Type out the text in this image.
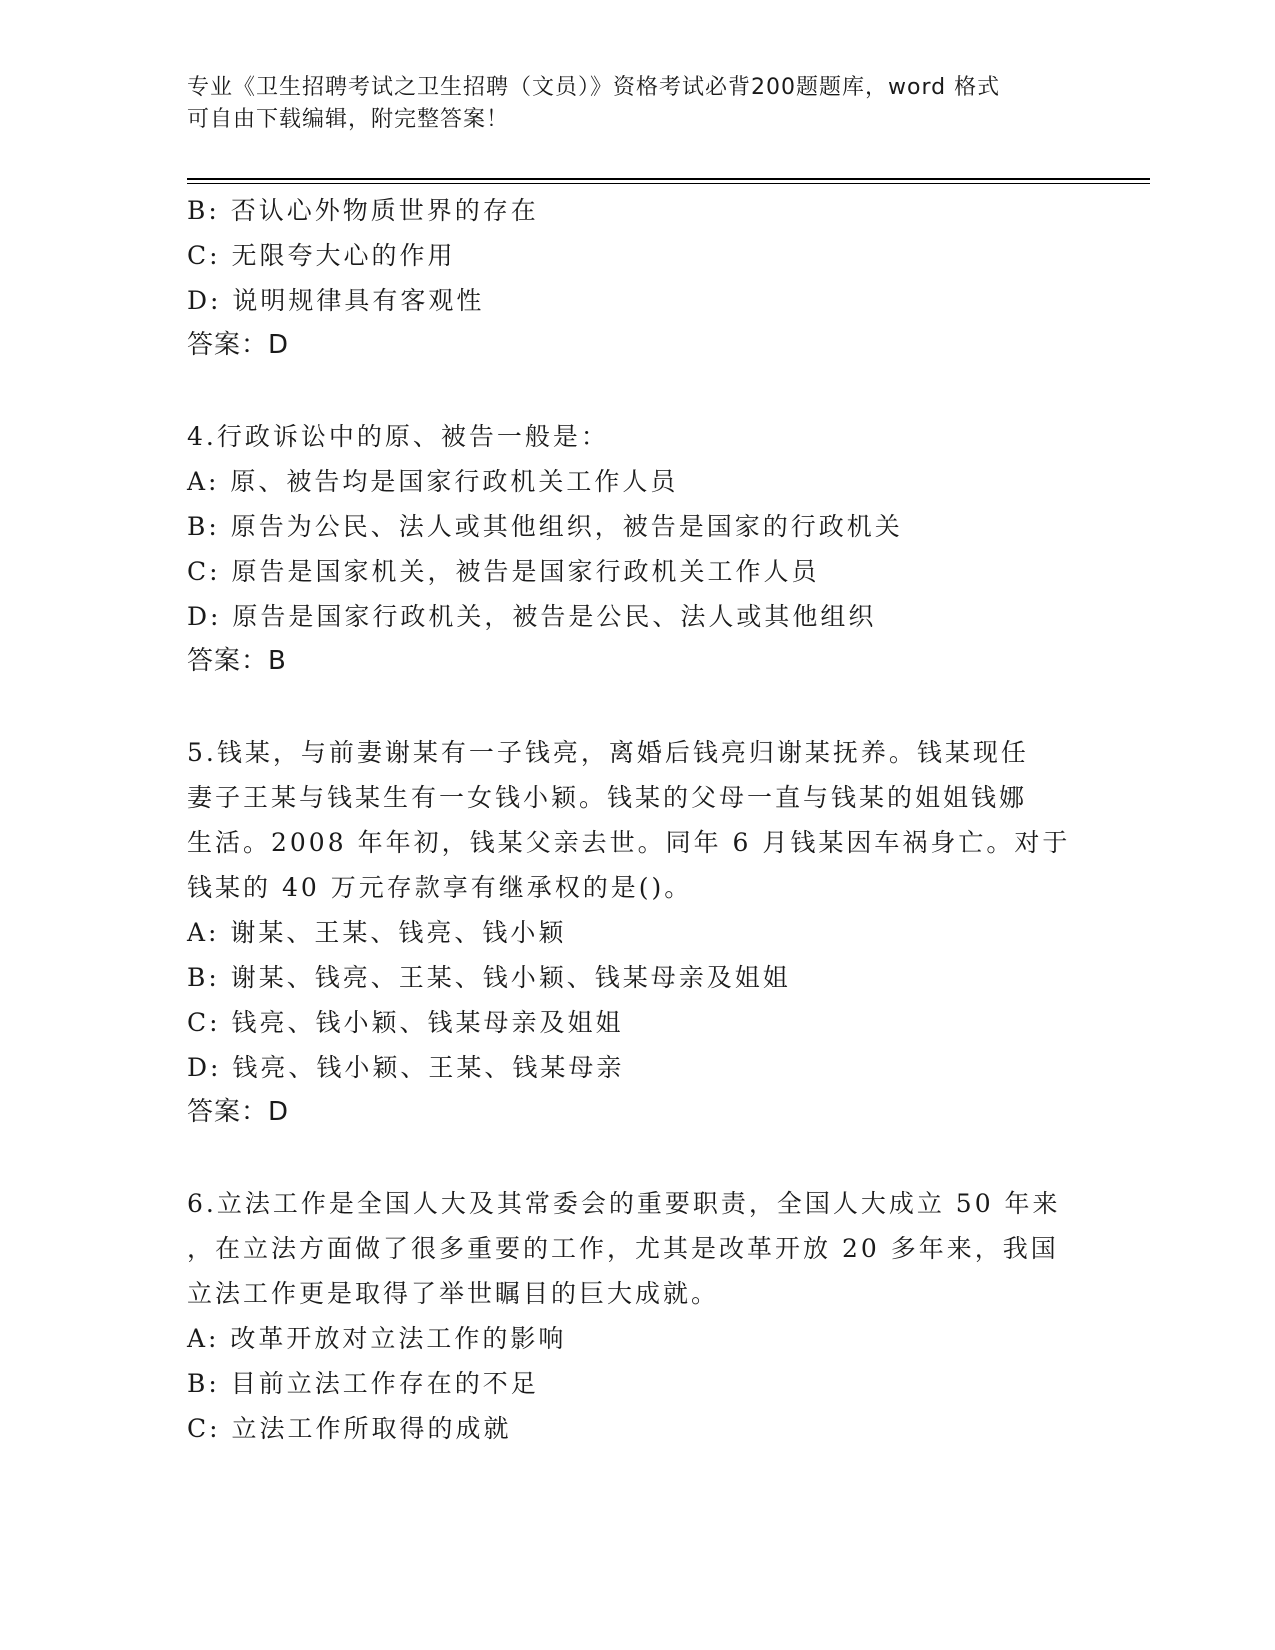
专业《卫生招聘考试之卫生招聘（文员）》资格考试必背200题题库，word 格式
可自由下载编辑，附完整答案！
B: 否认心外物质世界的存在
C: 无限夸大心的作用
D: 说明规律具有客观性
答案：D
4.行政诉讼中的原、被告一般是：
A: 原、被告均是国家行政机关工作人员
B: 原告为公民、法人或其他组织，被告是国家的行政机关
C: 原告是国家机关，被告是国家行政机关工作人员
D: 原告是国家行政机关，被告是公民、法人或其他组织
答案：B
5.钱某，与前妻谢某有一子钱亮，离婚后钱亮归谢某抚养。钱某现任
妻子王某与钱某生有一女钱小颖。钱某的父母一直与钱某的姐姐钱娜
生活。2008 年年初，钱某父亲去世。同年 6 月钱某因车祸身亡。对于
钱某的 40 万元存款享有继承权的是()。
A: 谢某、王某、钱亮、钱小颖
B: 谢某、钱亮、王某、钱小颖、钱某母亲及姐姐
C: 钱亮、钱小颖、钱某母亲及姐姐
D: 钱亮、钱小颖、王某、钱某母亲
答案：D
6.立法工作是全国人大及其常委会的重要职责，全国人大成立 50 年来
，在立法方面做了很多重要的工作，尤其是改革开放 20 多年来，我国
立法工作更是取得了举世瞩目的巨大成就。
A: 改革开放对立法工作的影响
B: 目前立法工作存在的不足
C: 立法工作所取得的成就
